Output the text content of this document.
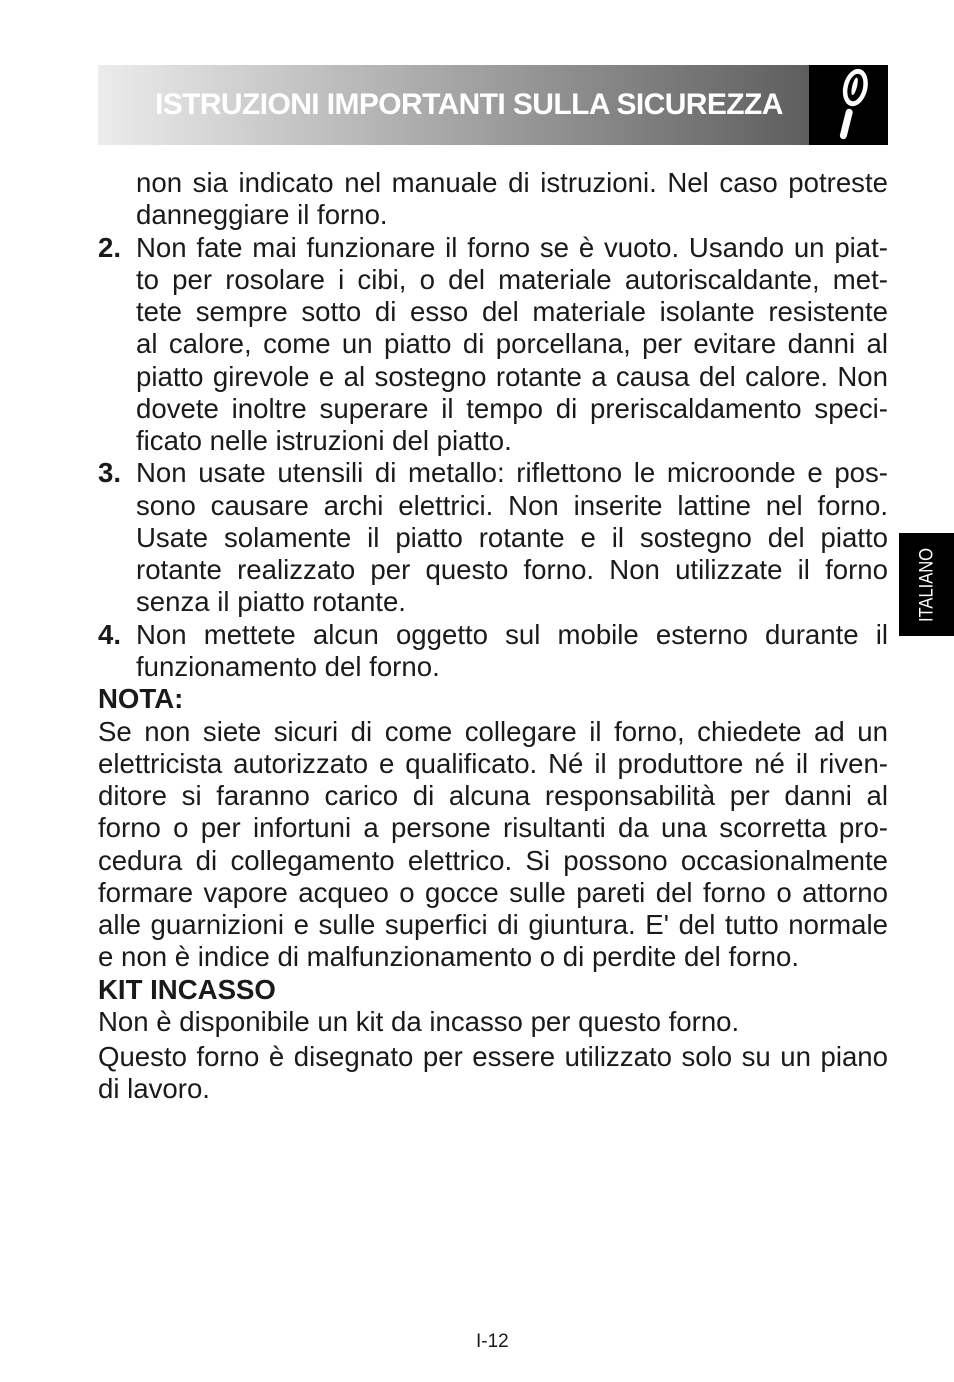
ISTRUZIONI IMPORTANTI SULLA SICUREZZA
non sia indicato nel manuale di istruzioni. Nel caso potreste
danneggiare il forno.
2. Non fate mai funzionare il forno se è vuoto. Usando un piat-
to per rosolare i cibi, o del materiale autoriscaldante, met-
tete sempre sotto di esso del materiale isolante resistente
al calore, come un piatto di porcellana, per evitare danni al
piatto girevole e al sostegno rotante a causa del calore. Non
dovete inoltre superare il tempo di preriscaldamento speci-
ficato nelle istruzioni del piatto.
3. Non usate utensili di metallo: riflettono le microonde e pos-
sono causare archi elettrici. Non inserite lattine nel forno.
Usate solamente il piatto rotante e il sostegno del piatto
rotante realizzato per questo forno. Non utilizzate il forno
senza il piatto rotante.
4. Non mettete alcun oggetto sul mobile esterno durante il
funzionamento del forno.
NOTA:
Se non siete sicuri di come collegare il forno, chiedete ad un
elettricista autorizzato e qualificato. Né il produttore né il riven-
ditore si faranno carico di alcuna responsabilità per danni al
forno o per infortuni a persone risultanti da una scorretta pro-
cedura di collegamento elettrico. Si possono occasionalmente
formare vapore acqueo o gocce sulle pareti del forno o attorno
alle guarnizioni e sulle superfici di giuntura. E' del tutto normale
e non è indice di malfunzionamento o di perdite del forno.
KIT INCASSO
Non è disponibile un kit da incasso per questo forno.
Questo forno è disegnato per essere utilizzato solo su un piano
di lavoro.
ITALIANO
I-12
